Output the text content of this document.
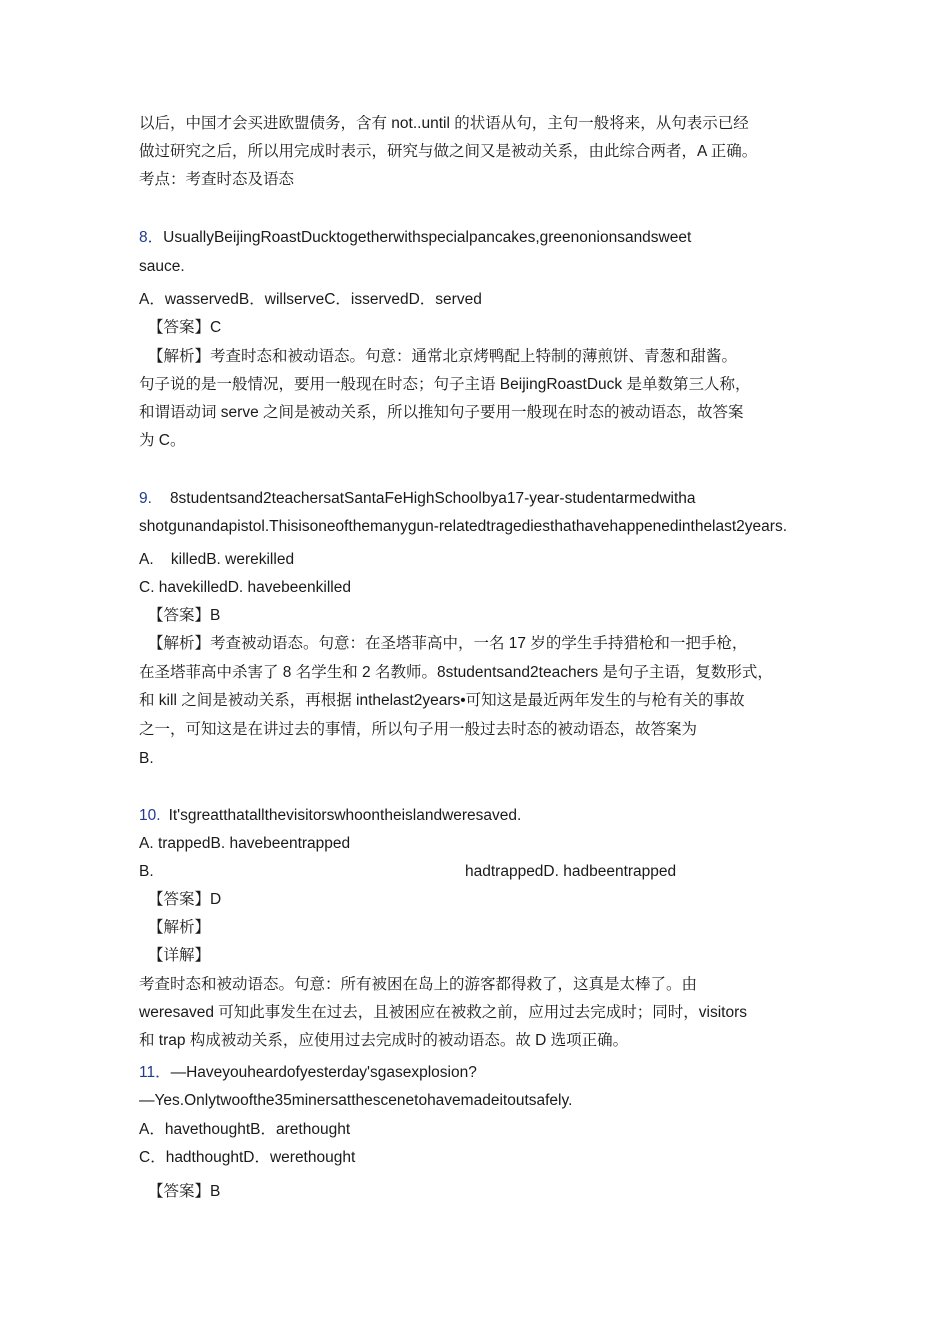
以后，中国才会买进欧盟债务，含有 not..until 的状语从句，主句一般将来，从句表示已经
做过研究之后，所以用完成时表示，研究与做之间又是被动关系，由此综合两者，A 正确。
考点：考查时态及语态
8．UsuallyBeijingRoastDucktogetherwithspecialpancakes,greenonionsandsweet
sauce.
A．wasservedB．willserveC．isservedD．served
【答案】C
【解析】考查时态和被动语态。句意：通常北京烤鸭配上特制的薄煎饼、青葱和甜酱。
句子说的是一般情况，要用一般现在时态；句子主语 BeijingRoastDuck 是单数第三人称，
和谓语动词 serve 之间是被动关系，所以推知句子要用一般现在时态的被动语态，故答案
为 C。
9. 8studentsand2teachersatSantaFeHighSchoolbya17-year-studentarmedwitha
shotgunandapistol.Thisisoneofthemanygun-relatedtragediesthathavehappenedinthelast2years.
A.    killedB. werekilled
C. havekilledD. havebeenkilled
【答案】B
【解析】考查被动语态。句意：在圣塔菲高中，一名 17 岁的学生手持猎枪和一把手枪，
在圣塔菲高中杀害了 8 名学生和 2 名教师。8studentsand2teachers 是句子主语，复数形式，
和 kill 之间是被动关系，再根据 inthelast2years•可知这是最近两年发生的与枪有关的事故
之一，可知这是在讲过去的事情，所以句子用一般过去时态的被动语态，故答案为
B.
10. It'sgreatthatallthevisitorswhoontheislandweresaved.
A. trappedB. havebeentrapped
B.	hadtrappedD. hadbeentrapped
【答案】D
【解析】
【详解】
考查时态和被动语态。句意：所有被困在岛上的游客都得救了，这真是太棒了。由
weresaved 可知此事发生在过去，且被困应在被救之前，应用过去完成时；同时，visitors
和 trap 构成被动关系，应使用过去完成时的被动语态。故 D 选项正确。
11．—Haveyouheardofyesterday'sgasexplosion?
—Yes.Onlytwoofthe35minersatthescenetohavemadeitoutsafely.
A．havethoughtB．arethought
C．hadthoughtD．werethought
【答案】B
